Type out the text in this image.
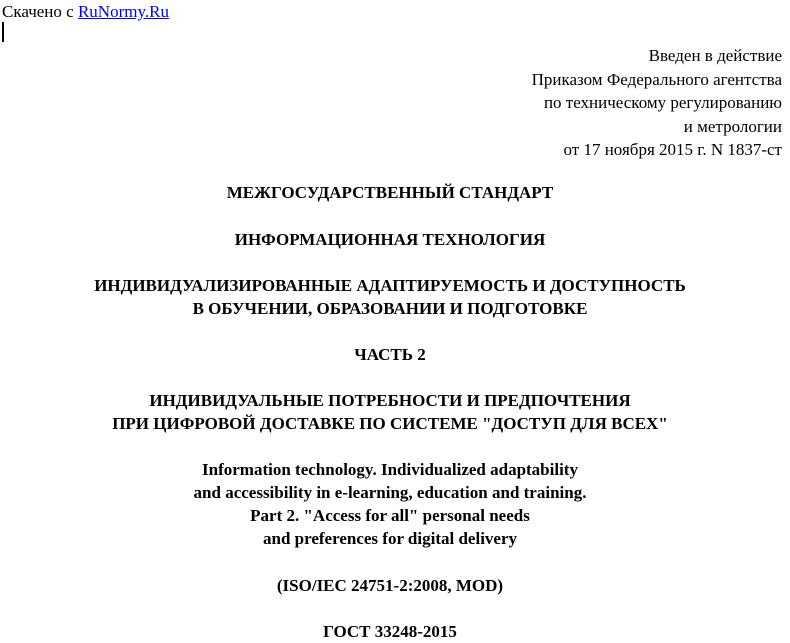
Скачено с RuNormy.Ru
Введен в действие
Приказом Федерального агентства
по техническому регулированию
и метрологии
от 17 ноября 2015 г. N 1837-ст
МЕЖГОСУДАРСТВЕННЫЙ СТАНДАРТ
ИНФОРМАЦИОННАЯ ТЕХНОЛОГИЯ
ИНДИВИДУАЛИЗИРОВАННЫЕ АДАПТИРУЕМОСТЬ И ДОСТУПНОСТЬ
В ОБУЧЕНИИ, ОБРАЗОВАНИИ И ПОДГОТОВКЕ
ЧАСТЬ 2
ИНДИВИДУАЛЬНЫЕ ПОТРЕБНОСТИ И ПРЕДПОЧТЕНИЯ
ПРИ ЦИФРОВОЙ ДОСТАВКЕ ПО СИСТЕМЕ "ДОСТУП ДЛЯ ВСЕХ"
Information technology. Individualized adaptability
and accessibility in e-learning, education and training.
Part 2. "Access for all" personal needs
and preferences for digital delivery
(ISO/IEC 24751-2:2008, MOD)
ГОСТ 33248-2015
